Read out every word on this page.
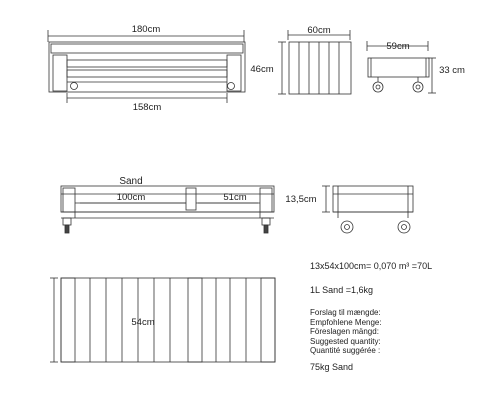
180cm	60cm
46cm
158cm
59cm
33 cm
Sand
100cm	51cm	13,5cm
54cm
13x54x100cm= 0,070 m³ =70L
1L Sand =1,6kg
Forslag til mængde:
Empfohlene Menge:
Föreslagen mängd:
Suggested quantity:
Quantité suggérée :
75kg Sand
